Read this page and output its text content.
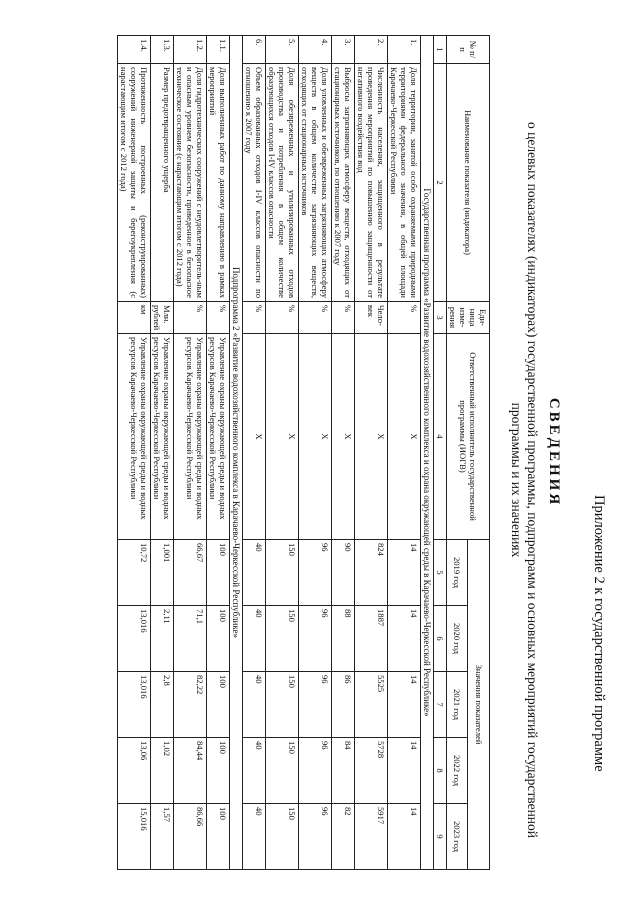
Приложение 2 к государственной программе
СВЕДЕНИЯ
о целевых показателях (индикаторах) государственной программы, подпрограмм и основных мероприятий государственной программы и их значениях
№ п/п	Наименование показателя (индикатора)	Еди-ница изме-рения	Ответственный исполнитель государственной программы (ИОГВ)	Значения показателей				
				2019 год	2020 год	2021 год	2022 год	2023 год
1	2	3	4	5	6	7	8	9
Государственная программа «Развитие водохозяйственного комплекса и охрана окружающей среды в Карачаево-Черкесской Республике»								
1.	Доля территории, занятой особо охраняемыми природными территориями федерального значения, в общей площади Карачаево-Черкесской Республики	%	Х	14	14	14	14	14
2.	Численность населения, защищенного в результате проведения мероприятий по повышению защищенности от негативного воздействия вод	Чело-век	Х	824	1887	5525	5728	5917
3.	Выбросы загрязняющих атмосферу веществ, отходящих от стационарных источников, по отношению к 2007 году	%	Х	90	88	86	84	82
4.	Доля уловленных и обезвреженных загрязняющих атмосферу веществ в общем количестве загрязняющих веществ, отходящих от стационарных источников	%	Х	96	96	96	96	96
5.	Доля обезвреженных и утилизированных отходов производства и потребления в общем количестве образующихся отходов I-IV классов опасности	%	Х	150	150	150	150	150
6.	Объем образованных отходов I-IV классов опасности по отношению к 2007 году	%	Х	40	40	40	40	40
Подпрограмма 2 «Развитие водохозяйственного комплекса в Карачаево-Черкесской Республике»								
1.1.	Доля выполненных работ по данному направлению в рамках мероприятий	%	Управление охраны окружающей среды и водных ресурсов Карачаево-Черкесской Республики	100	100	100	100	100
1.2.	Доля гидротехнических сооружений с неудовлетворитель-ным и опасным уровнем безопасности, приведенное в безопасное техническое состояние (с нарастающим итогом с 2012 года)	%	Управление охраны окружающей среды и водных ресурсов Карачаево-Черкесской Республики	66,67	71,1	82,22	84,44	86,66
1.3.	Размер предотвращенного ущерба	Млн. рублей	Управление охраны окружающей среды и водных ресурсов Карачаево-Черкесской Республики	1,001	2,11	2,8	1,02	1,57
1.4.	Протяженность построенных (реконструированных) сооружений инженерной защиты и берегоукрепления (с нарастающим итогом с 2012 года)	км	Управление охраны окружающей среды и водных ресурсов Карачаево-Черкесской Республики	10,72	13,016	13,016	13,06	15,016
